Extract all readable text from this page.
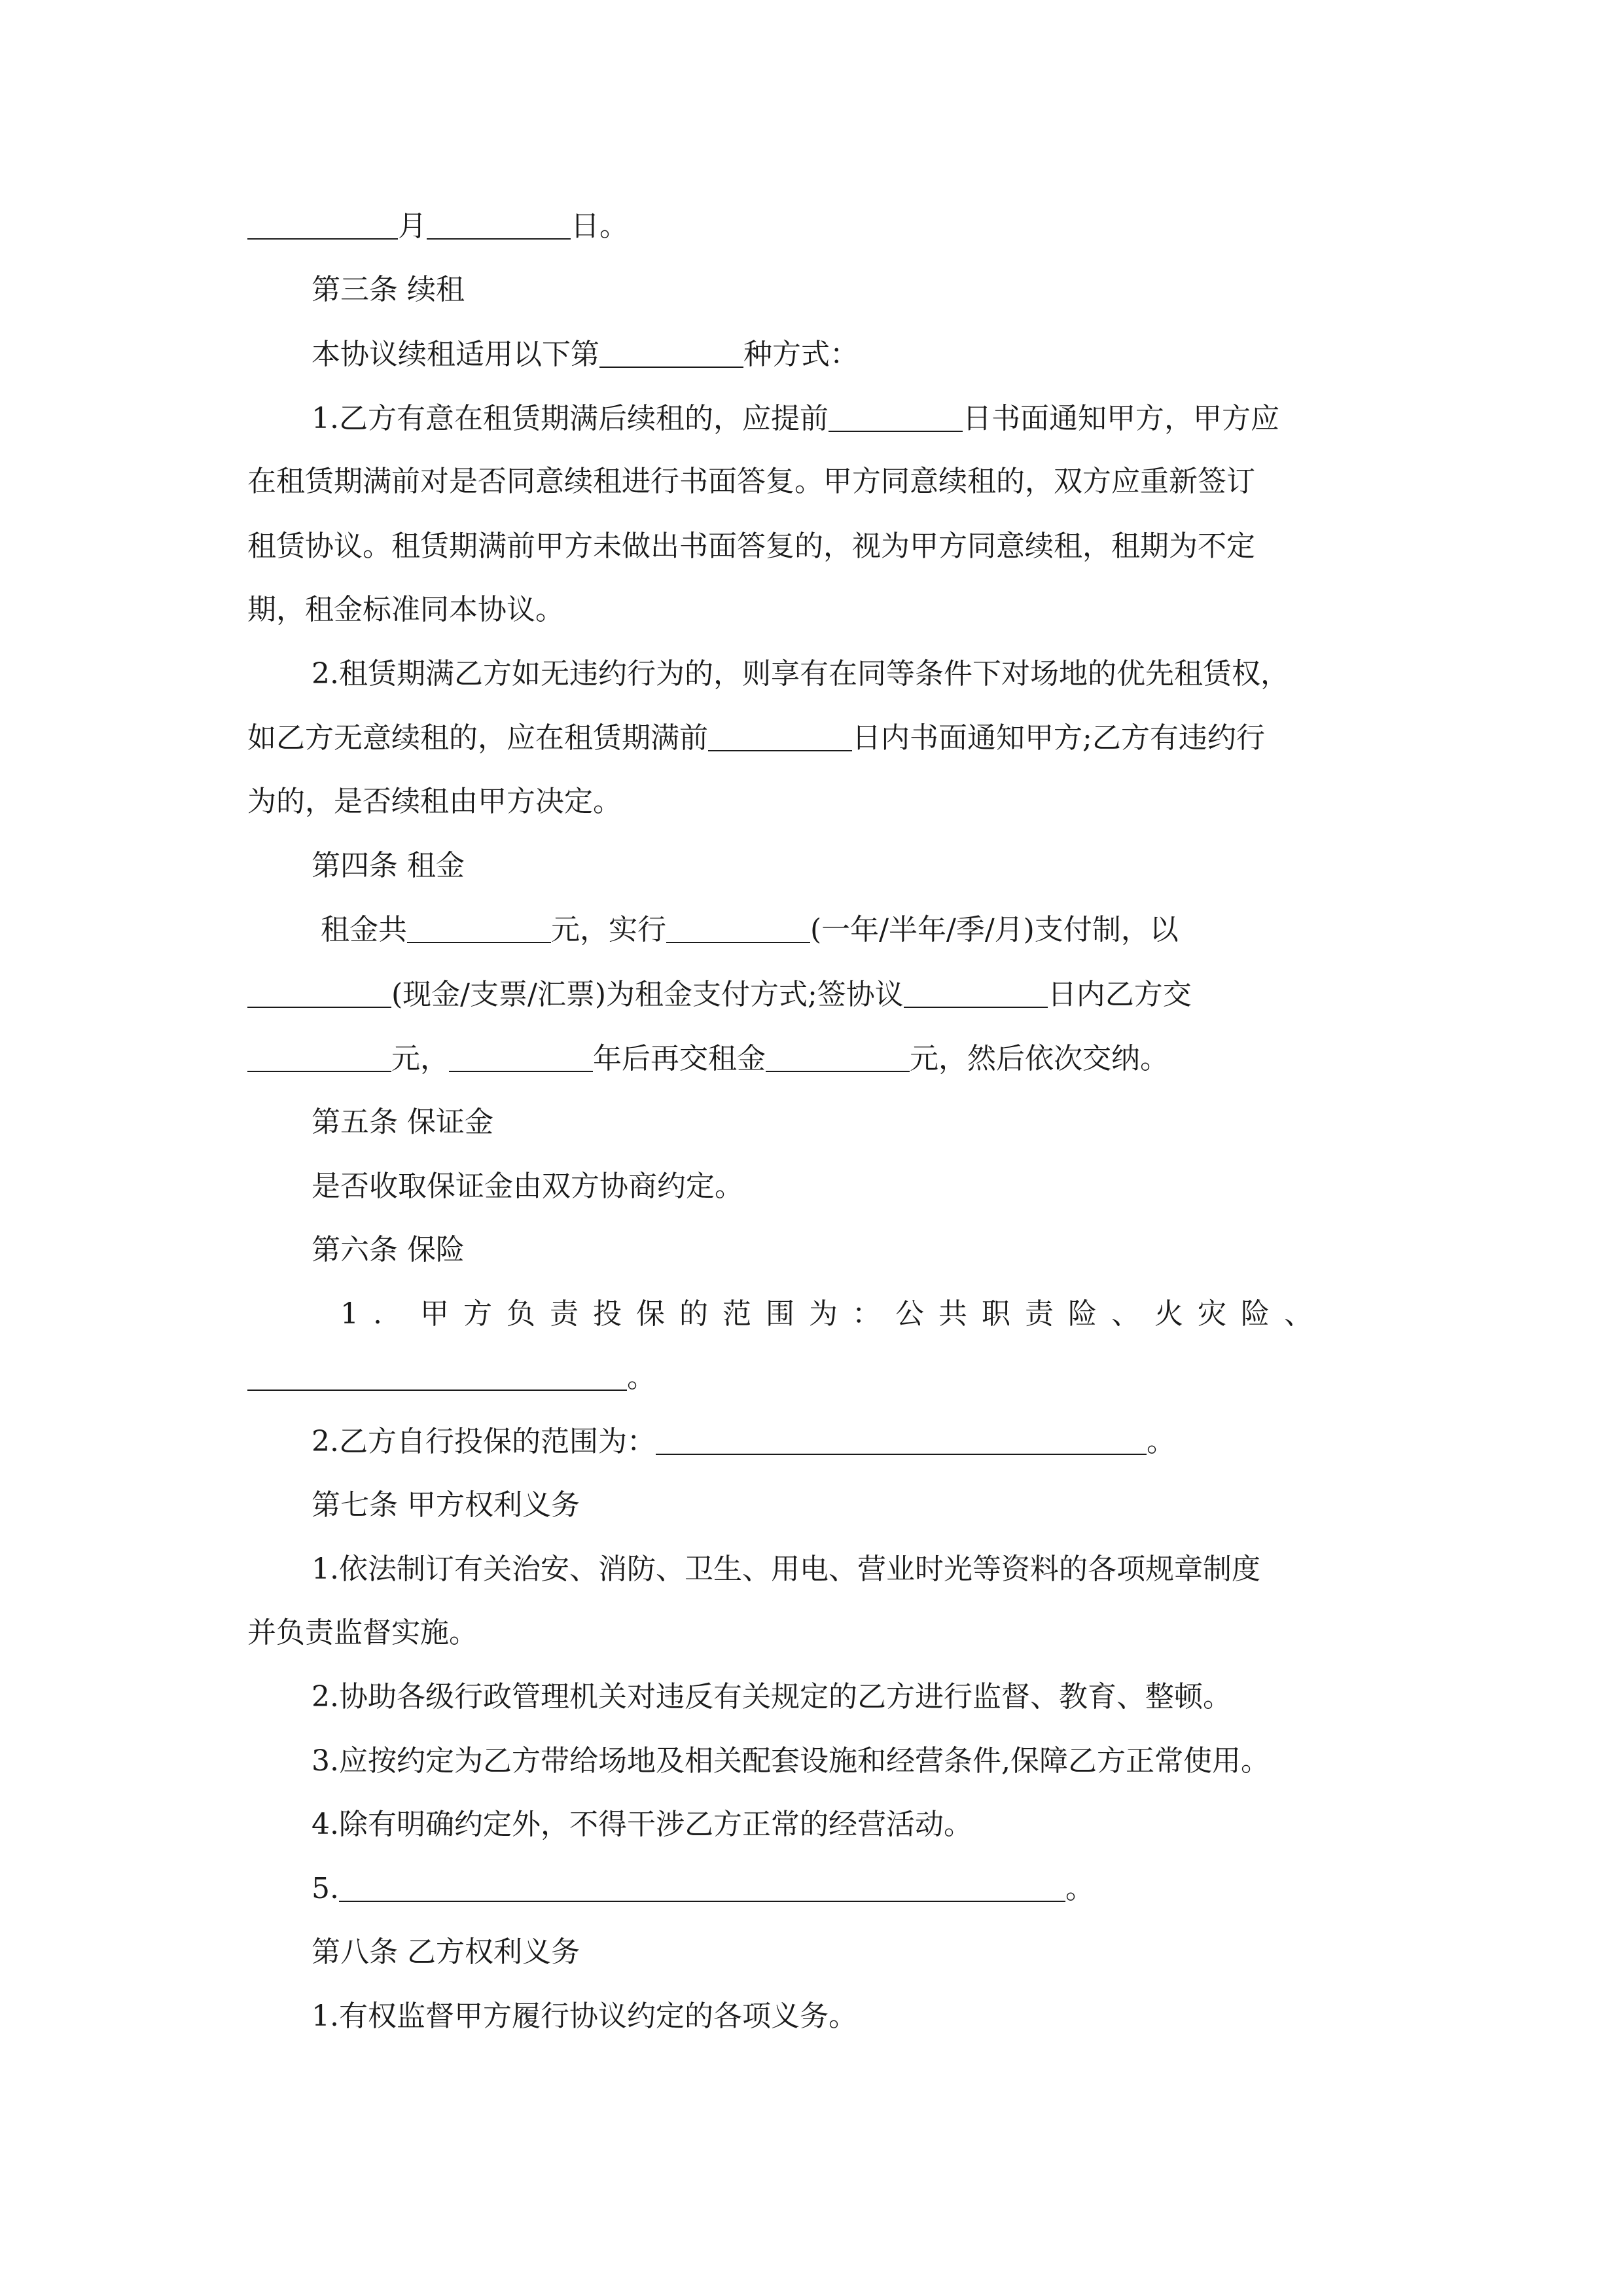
月	日。
第三条 续租
本协议续租适用以下第	种方式：
1.乙方有意在租赁期满后续租的，应提前	日书面通知甲方，甲方应
在租赁期满前对是否同意续租进行书面答复。甲方同意续租的，双方应重新签订
租赁协议。租赁期满前甲方未做出书面答复的，视为甲方同意续租，租期为不定
期，租金标准同本协议。
2.租赁期满乙方如无违约行为的，则享有在同等条件下对场地的优先租赁权，
如乙方无意续租的，应在租赁期满前	日内书面通知甲方;乙方有违约行
为的，是否续租由甲方决定。
第四条 租金
租金共	元，实行	(一年/半年/季/月)支付制，以
(现金/支票/汇票)为租金支付方式;签协议	日内乙方交
元，	年后再交租金	元，然后依次交纳。
第五条 保证金
是否收取保证金由双方协商约定。
第六条 保险
1. 甲方负责投保的范围为：公共职责险、火灾险、
。
2.乙方自行投保的范围为：	。
第七条 甲方权利义务
1.依法制订有关治安、消防、卫生、用电、营业时光等资料的各项规章制度
并负责监督实施。
2.协助各级行政管理机关对违反有关规定的乙方进行监督、教育、整顿。
3.应按约定为乙方带给场地及相关配套设施和经营条件,保障乙方正常使用。
4.除有明确约定外，不得干涉乙方正常的经营活动。
5.	。
第八条 乙方权利义务
1.有权监督甲方履行协议约定的各项义务。
